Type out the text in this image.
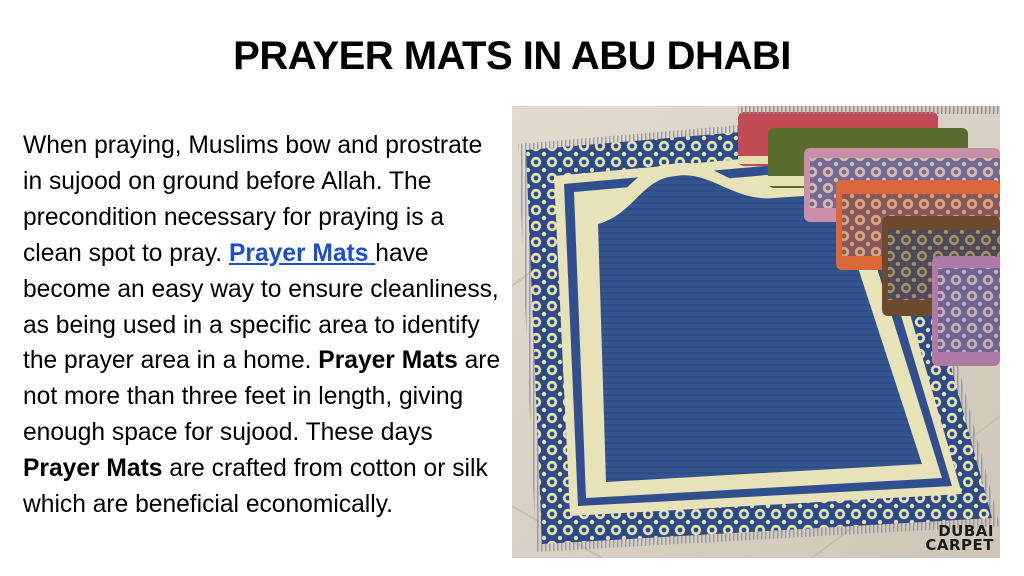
PRAYER MATS IN ABU DHABI
When praying, Muslims bow and prostrate in sujood on ground before Allah. The precondition necessary for praying is a clean spot to pray. Prayer Mats have become an easy way to ensure cleanliness, as being used in a specific area to identify the prayer area in a home. Prayer Mats are not more than three feet in length, giving enough space for sujood. These days Prayer Mats are crafted from cotton or silk which are beneficial economically.
DUBAI
CARPET
